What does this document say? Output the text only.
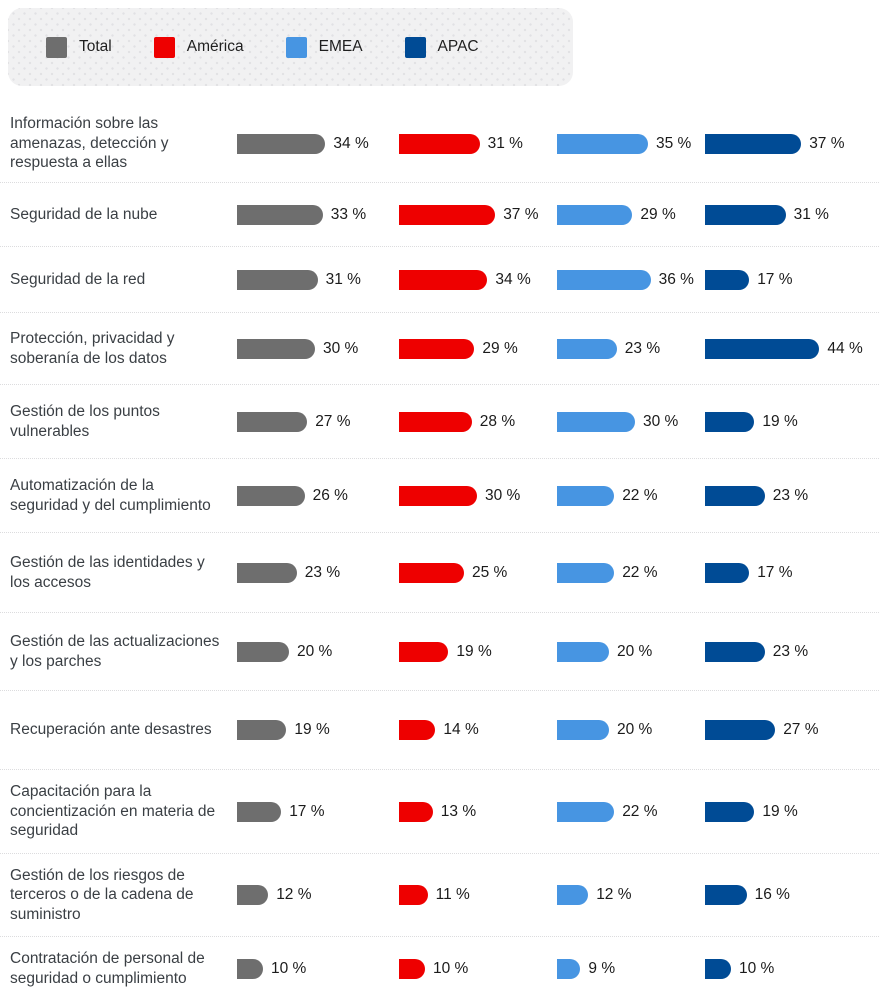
Total	América	EMEA	APAC
Información sobre las amenazas, detección y respuesta a ellas
34 %	31 %	35 %	37 %
Seguridad de la nube	33 %	37 %	29 %	31 %
Seguridad de la red	31 %	34 %	36 %	17 %
Protección, privacidad y soberanía de los datos
30 %	29 %	23 %	44 %
Gestión de los puntos vulnerables
27 %	28 %	30 %	19 %
Automatización de la seguridad y del cumplimiento
26 %	30 %	22 %	23 %
Gestión de las identidades y los accesos
23 %	25 %	22 %	17 %
Gestión de las actualizaciones y los parches
20 %	19 %	20 %	23 %
Recuperación ante desastres	19 %	14 %	20 %	27 %
Capacitación para la concientización en materia de seguridad
17 %	13 %	22 %	19 %
Gestión de los riesgos de terceros o de la cadena de suministro
12 %	11 %	12 %	16 %
Contratación de personal de seguridad o cumplimiento
10 %	10 %	9 %	10 %
